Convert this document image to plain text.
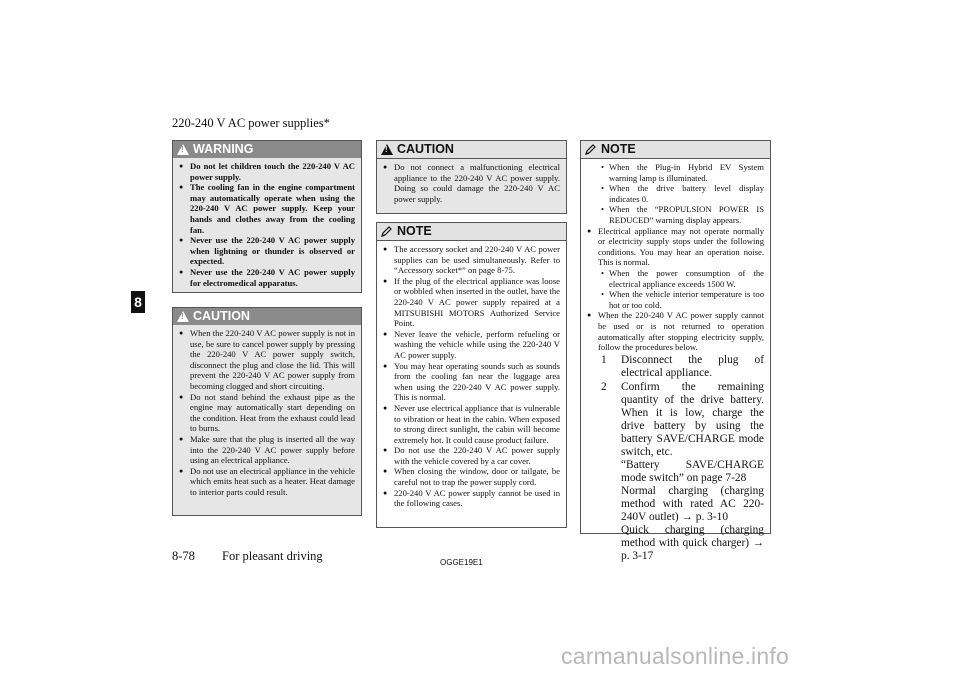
220-240 V AC power supplies*
8
!
WARNING
● Do not let children touch the 220-240 V AC power supply.
● The cooling fan in the engine compartment may automatically operate when using the 220-240 V AC power supply. Keep your hands and clothes away from the cooling fan.
● Never use the 220-240 V AC power supply when lightning or thunder is observed or expected.
● Never use the 220-240 V AC power supply for electromedical apparatus.
!
CAUTION
● When the 220-240 V AC power supply is not in use, be sure to cancel power supply by pressing the 220-240 V AC power supply switch, disconnect the plug and close the lid. This will prevent the 220-240 V AC power supply from becoming clogged and short circuiting.
● Do not stand behind the exhaust pipe as the engine may automatically start depending on the condition. Heat from the exhaust could lead to burns.
● Make sure that the plug is inserted all the way into the 220-240 V AC power supply before using an electrical appliance.
● Do not use an electrical appliance in the vehicle which emits heat such as a heater. Heat damage to interior parts could result.
!
CAUTION
● Do not connect a malfunctioning electrical appliance to the 220-240 V AC power supply. Doing so could damage the 220-240 V AC power supply.
NOTE
● The accessory socket and 220-240 V AC power supplies can be used simultaneously. Refer to “Accessory socket*” on page 8-75.
● If the plug of the electrical appliance was loose or wobbled when inserted in the outlet, have the 220-240 V AC power supply repaired at a MITSUBISHI MOTORS Authorized Service Point.
● Never leave the vehicle, perform refueling or washing the vehicle while using the 220-240 V AC power supply.
● You may hear operating sounds such as sounds from the cooling fan near the luggage area when using the 220-240 V AC power supply. This is normal.
● Never use electrical appliance that is vulnerable to vibration or heat in the cabin. When exposed to strong direct sunlight, the cabin will become extremely hot. It could cause product failure.
● Do not use the 220-240 V AC power supply with the vehicle covered by a car cover.
● When closing the window, door or tailgate, be careful not to trap the power supply cord.
● 220-240 V AC power supply cannot be used in the following cases.
NOTE
• When the Plug-in Hybrid EV System warning lamp is illuminated.
• When the drive battery level display indicates 0.
• When the “PROPULSION POWER IS REDUCED” warning display appears.
● Electrical appliance may not operate normally or electricity supply stops under the following conditions. You may hear an operation noise. This is normal.
• When the power consumption of the electrical appliance exceeds 1500 W.
• When the vehicle interior temperature is too hot or too cold.
● When the 220-240 V AC power supply cannot be used or is not returned to operation automatically after stopping electricity supply, follow the procedures below.
1	Disconnect the plug of electrical appliance.
2	Confirm the remaining quantity of the drive battery. When it is low, charge the drive battery by using the battery SAVE/CHARGE mode switch, etc.
“Battery SAVE/CHARGE mode switch” on page 7-28
Normal charging (charging method with rated AC 220-240V outlet) → p. 3-10
Quick charging (charging method with quick charger) → p. 3-17
8-78 For pleasant driving	OGGE19E1
carmanualsonline.info
